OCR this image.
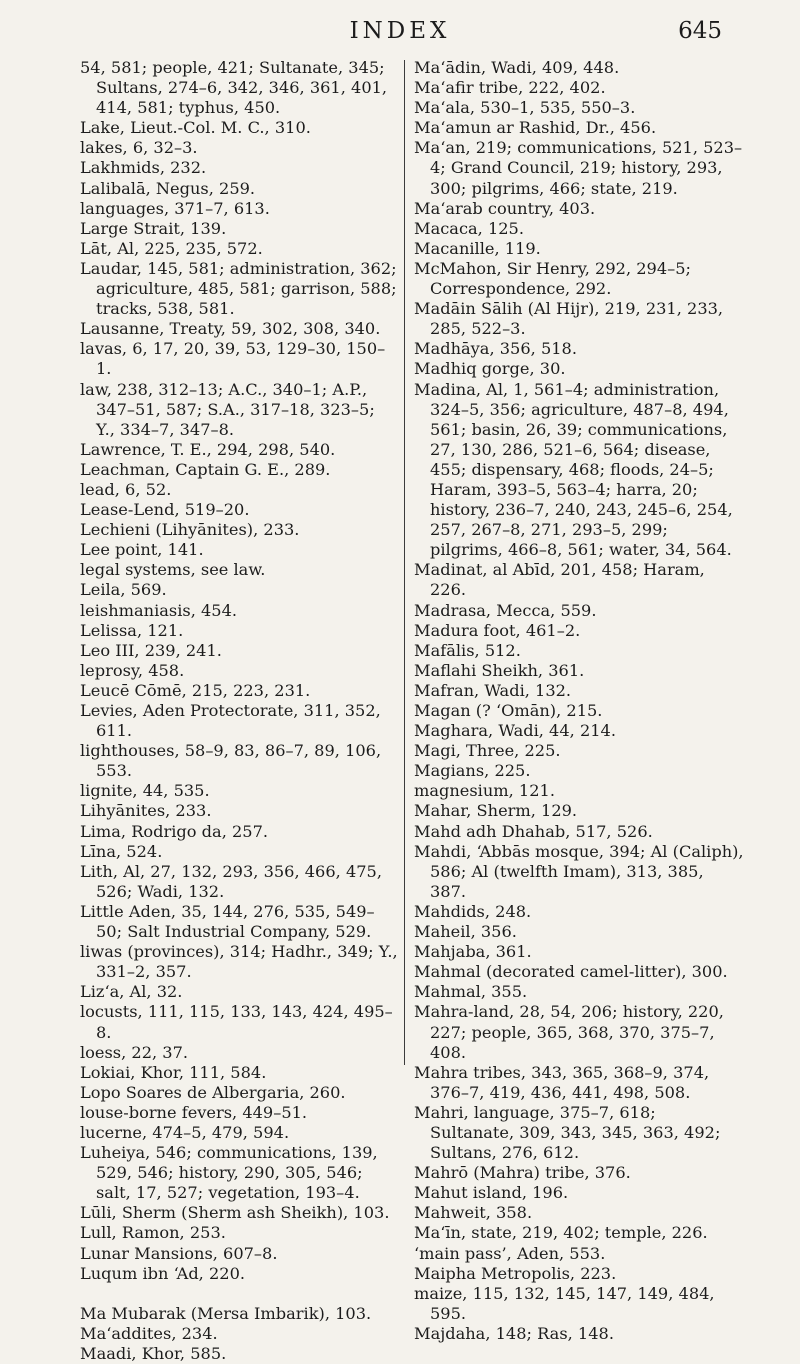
INDEX	645
54, 581; people, 421; Sultanate, 345; Sultans, 274–6, 342, 346, 361, 401, 414, 581; typhus, 450.
Lake, Lieut.-Col. M. C., 310.
lakes, 6, 32–3.
Lakhmids, 232.
Lalibalā, Negus, 259.
languages, 371–7, 613.
Large Strait, 139.
Lāt, Al, 225, 235, 572.
Laudar, 145, 581; administration, 362; agriculture, 485, 581; garrison, 588; tracks, 538, 581.
Lausanne, Treaty, 59, 302, 308, 340.
lavas, 6, 17, 20, 39, 53, 129–30, 150–1.
law, 238, 312–13; A.C., 340–1; A.P., 347–51, 587; S.A., 317–18, 323–5; Y., 334–7, 347–8.
Lawrence, T. E., 294, 298, 540.
Leachman, Captain G. E., 289.
lead, 6, 52.
Lease-Lend, 519–20.
Lechieni (Lihyānites), 233.
Lee point, 141.
legal systems, see law.
Leila, 569.
leishmaniasis, 454.
Lelissa, 121.
Leo III, 239, 241.
leprosy, 458.
Leucē Cōmē, 215, 223, 231.
Levies, Aden Protectorate, 311, 352, 611.
lighthouses, 58–9, 83, 86–7, 89, 106, 553.
lignite, 44, 535.
Lihyānites, 233.
Lima, Rodrigo da, 257.
Līna, 524.
Lith, Al, 27, 132, 293, 356, 466, 475, 526; Wadi, 132.
Little Aden, 35, 144, 276, 535, 549–50; Salt Industrial Company, 529.
liwas (provinces), 314; Hadhr., 349; Y., 331–2, 357.
Liz‘a, Al, 32.
locusts, 111, 115, 133, 143, 424, 495–8.
loess, 22, 37.
Lokiai, Khor, 111, 584.
Lopo Soares de Albergaria, 260.
louse-borne fevers, 449–51.
lucerne, 474–5, 479, 594.
Luheiya, 546; communications, 139, 529, 546; history, 290, 305, 546; salt, 17, 527; vegetation, 193–4.
Lūli, Sherm (Sherm ash Sheikh), 103.
Lull, Ramon, 253.
Lunar Mansions, 607–8.
Luqum ibn ‘Ad, 220.
Ma Mubarak (Mersa Imbarik), 103.
Ma‘addites, 234.
Maadi, Khor, 585.
Ma‘ādin, Wadi, 409, 448.
Ma‘afir tribe, 222, 402.
Ma‘ala, 530–1, 535, 550–3.
Ma‘amun ar Rashid, Dr., 456.
Ma‘an, 219; communications, 521, 523–4; Grand Council, 219; history, 293, 300; pilgrims, 466; state, 219.
Ma‘arab country, 403.
Macaca, 125.
Macanille, 119.
McMahon, Sir Henry, 292, 294–5; Correspondence, 292.
Madāin Sālih (Al Hijr), 219, 231, 233, 285, 522–3.
Madhāya, 356, 518.
Madhiq gorge, 30.
Madina, Al, 1, 561–4; administration, 324–5, 356; agriculture, 487–8, 494, 561; basin, 26, 39; communications, 27, 130, 286, 521–6, 564; disease, 455; dispensary, 468; floods, 24–5; Haram, 393–5, 563–4; harra, 20; history, 236–7, 240, 243, 245–6, 254, 257, 267–8, 271, 293–5, 299; pilgrims, 466–8, 561; water, 34, 564.
Madinat, al Abīd, 201, 458; Haram, 226.
Madrasa, Mecca, 559.
Madura foot, 461–2.
Mafālis, 512.
Maflahi Sheikh, 361.
Mafran, Wadi, 132.
Magan (? ‘Omān), 215.
Maghara, Wadi, 44, 214.
Magi, Three, 225.
Magians, 225.
magnesium, 121.
Mahar, Sherm, 129.
Mahd adh Dhahab, 517, 526.
Mahdi, ‘Abbās mosque, 394; Al (Caliph), 586; Al (twelfth Imam), 313, 385, 387.
Mahdids, 248.
Maheil, 356.
Mahjaba, 361.
Mahmal (decorated camel-litter), 300.
Mahmal, 355.
Mahra-land, 28, 54, 206; history, 220, 227; people, 365, 368, 370, 375–7, 408.
Mahra tribes, 343, 365, 368–9, 374, 376–7, 419, 436, 441, 498, 508.
Mahri, language, 375–7, 618; Sultanate, 309, 343, 345, 363, 492; Sultans, 276, 612.
Mahrō (Mahra) tribe, 376.
Mahut island, 196.
Mahweit, 358.
Ma‘īn, state, 219, 402; temple, 226.
‘main pass’, Aden, 553.
Maipha Metropolis, 223.
maize, 115, 132, 145, 147, 149, 484, 595.
Majdaha, 148; Ras, 148.
